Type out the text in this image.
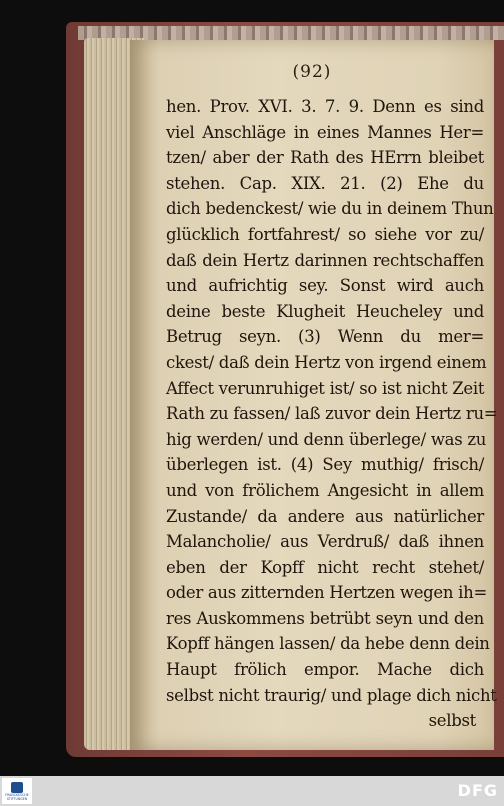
(92)
hen. Prov. XVI. 3. 7. 9. Denn es sind
viel Anschläge in eines Mannes Her=
tzen/ aber der Rath des HErrn bleibet
stehen. Cap. XIX. 21. (2) Ehe du
dich bedenckest/ wie du in deinem Thun
glücklich fortfahrest/ so siehe vor zu/
daß dein Hertz darinnen rechtschaffen
und aufrichtig sey. Sonst wird auch
deine beste Klugheit Heucheley und
Betrug seyn. (3) Wenn du mer=
ckest/ daß dein Hertz von irgend einem
Affect verunruhiget ist/ so ist nicht Zeit
Rath zu fassen/ laß zuvor dein Hertz ru=
hig werden/ und denn überlege/ was zu
überlegen ist. (4) Sey muthig/ frisch/
und von frölichem Angesicht in allem
Zustande/ da andere aus natürlicher
Malancholie/ aus Verdruß/ daß ihnen
eben der Kopff nicht recht stehet/
oder aus zitternden Hertzen wegen ih=
res Auskommens betrübt seyn und den
Kopff hängen lassen/ da hebe denn dein
Haupt frölich empor. Mache dich
selbst nicht traurig/ und plage dich nicht
selbst
FRANCKESCHE STIFTUNGEN	DFG
